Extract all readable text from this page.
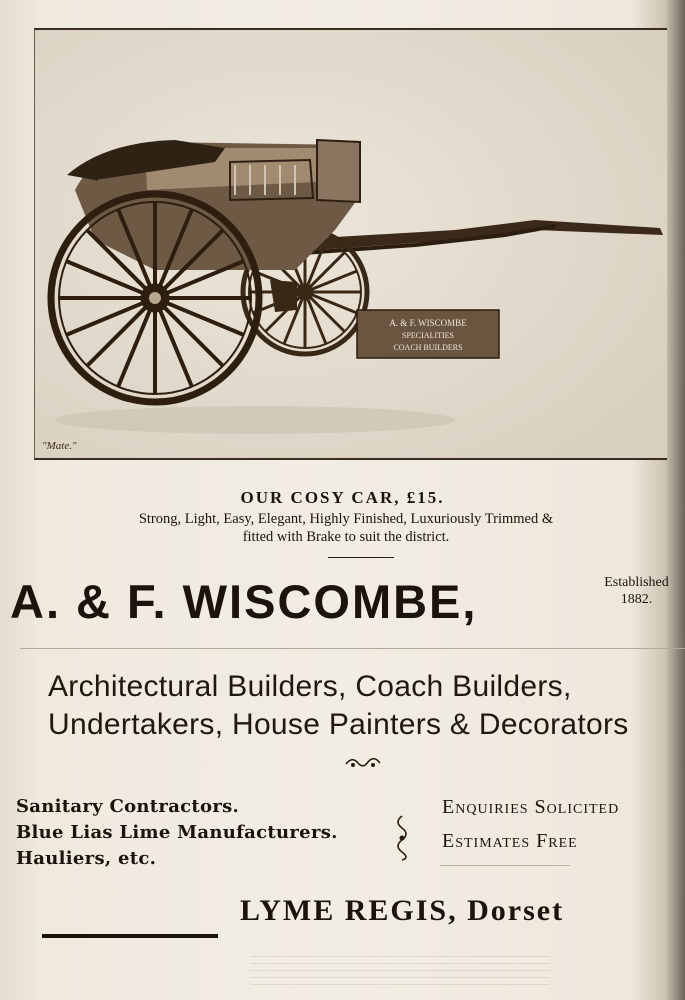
A. & F. WISCOMBE
SPECIALITIES
COACH BUILDERS
"Mate."
OUR COSY CAR, £15.
Strong, Light, Easy, Elegant, Highly Finished, Luxuriously Trimmed &
fitted with Brake to suit the district.
A. & F. WISCOMBE,	Established
1882.
Architectural Builders, Coach Builders,
Undertakers, House Painters & Decorators
Sanitary Contractors.
Blue Lias Lime Manufacturers.
Hauliers, etc.
Enquiries Solicited
Estimates Free
LYME REGIS, Dorset
